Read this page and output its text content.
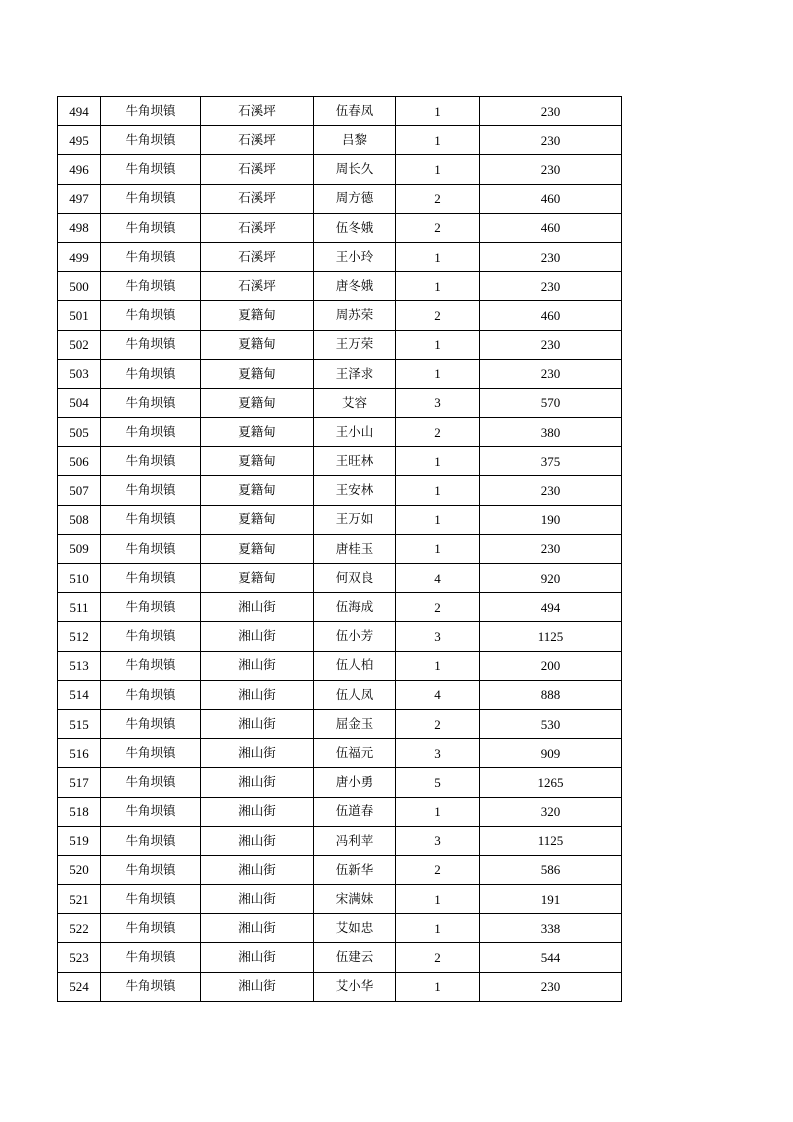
494	牛角坝镇	石溪坪	伍春凤	1	230
495	牛角坝镇	石溪坪	吕黎	1	230
496	牛角坝镇	石溪坪	周长久	1	230
497	牛角坝镇	石溪坪	周方德	2	460
498	牛角坝镇	石溪坪	伍冬娥	2	460
499	牛角坝镇	石溪坪	王小玲	1	230
500	牛角坝镇	石溪坪	唐冬娥	1	230
501	牛角坝镇	夏籍甸	周苏荣	2	460
502	牛角坝镇	夏籍甸	王万荣	1	230
503	牛角坝镇	夏籍甸	王泽求	1	230
504	牛角坝镇	夏籍甸	艾容	3	570
505	牛角坝镇	夏籍甸	王小山	2	380
506	牛角坝镇	夏籍甸	王旺林	1	375
507	牛角坝镇	夏籍甸	王安林	1	230
508	牛角坝镇	夏籍甸	王万如	1	190
509	牛角坝镇	夏籍甸	唐桂玉	1	230
510	牛角坝镇	夏籍甸	何双良	4	920
511	牛角坝镇	湘山街	伍海成	2	494
512	牛角坝镇	湘山街	伍小芳	3	1125
513	牛角坝镇	湘山街	伍人柏	1	200
514	牛角坝镇	湘山街	伍人凤	4	888
515	牛角坝镇	湘山街	屈金玉	2	530
516	牛角坝镇	湘山街	伍福元	3	909
517	牛角坝镇	湘山街	唐小勇	5	1265
518	牛角坝镇	湘山街	伍道春	1	320
519	牛角坝镇	湘山街	冯利苹	3	1125
520	牛角坝镇	湘山街	伍新华	2	586
521	牛角坝镇	湘山街	宋满妹	1	191
522	牛角坝镇	湘山街	艾如忠	1	338
523	牛角坝镇	湘山街	伍建云	2	544
524	牛角坝镇	湘山街	艾小华	1	230
